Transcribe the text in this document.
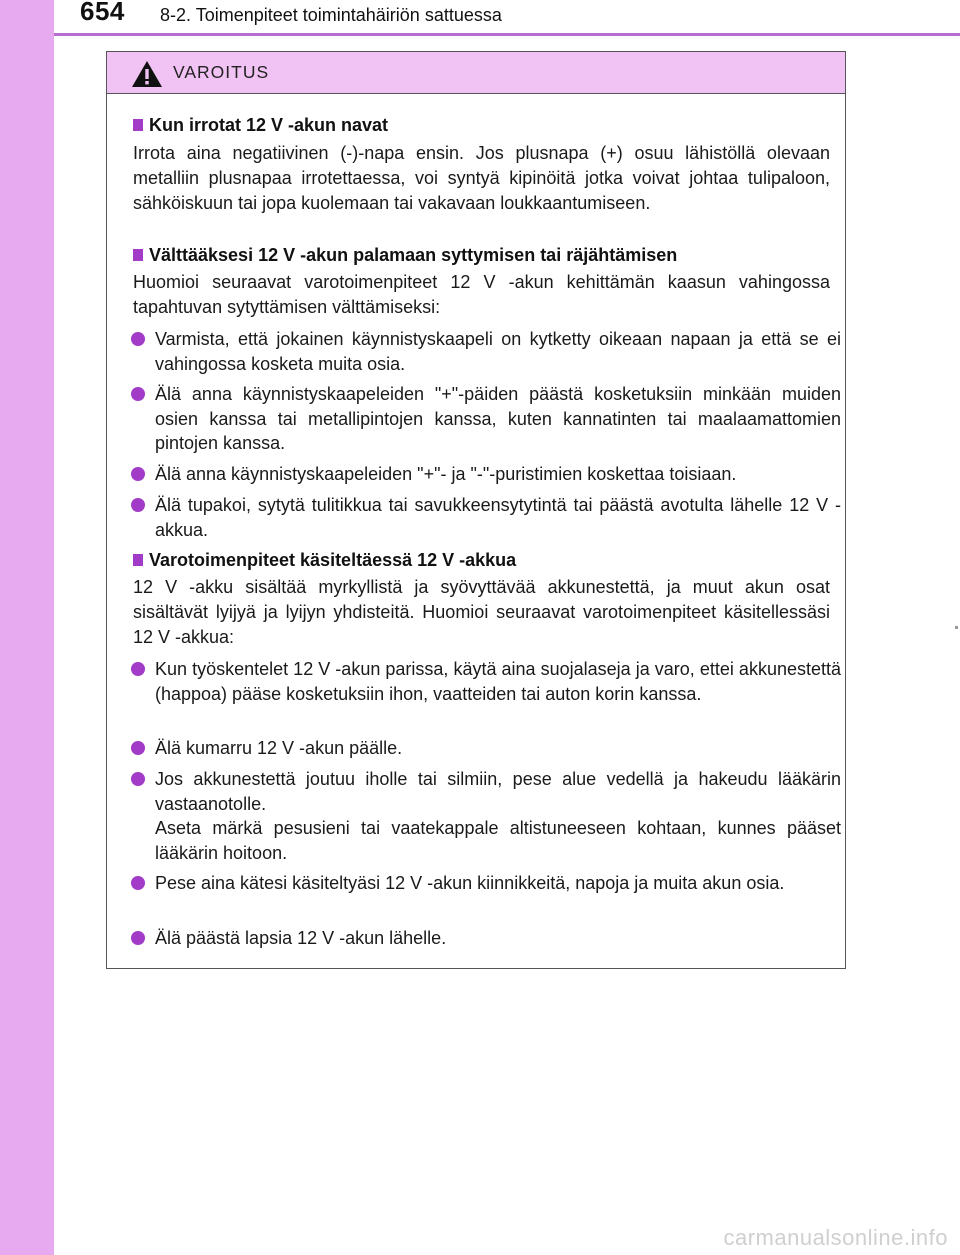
654 8-2. Toimenpiteet toimintahäiriön sattuessa
VAROITUS
Kun irrotat 12 V -akun navat
Irrota aina negatiivinen (-)-napa ensin. Jos plusnapa (+) osuu lähistöllä olevaan metalliin plusnapaa irrotettaessa, voi syntyä kipinöitä jotka voivat johtaa tulipaloon, sähköiskuun tai jopa kuolemaan tai vakavaan loukkaantumiseen.
Välttääksesi 12 V -akun palamaan syttymisen tai räjähtämisen
Huomioi seuraavat varotoimenpiteet 12 V -akun kehittämän kaasun vahingossa tapahtuvan sytyttämisen välttämiseksi:
Varmista, että jokainen käynnistyskaapeli on kytketty oikeaan napaan ja että se ei vahingossa kosketa muita osia.
Älä anna käynnistyskaapeleiden "+"-päiden päästä kosketuksiin minkään muiden osien kanssa tai metallipintojen kanssa, kuten kannatinten tai maalaamattomien pintojen kanssa.
Älä anna käynnistyskaapeleiden "+"- ja "-"-puristimien koskettaa toisiaan.
Älä tupakoi, sytytä tulitikkua tai savukkeensytytintä tai päästä avotulta lähelle 12 V -akkua.
Varotoimenpiteet käsiteltäessä 12 V -akkua
12 V -akku sisältää myrkyllistä ja syövyttävää akkunestettä, ja muut akun osat sisältävät lyijyä ja lyijyn yhdisteitä. Huomioi seuraavat varotoimenpiteet käsitellessäsi 12 V -akkua:
Kun työskentelet 12 V -akun parissa, käytä aina suojalaseja ja varo, ettei akkunestettä (happoa) pääse kosketuksiin ihon, vaatteiden tai auton korin kanssa.
Älä kumarru 12 V -akun päälle.
Jos akkunestettä joutuu iholle tai silmiin, pese alue vedellä ja hakeudu lääkärin vastaanotolle.
Aseta märkä pesusieni tai vaatekappale altistuneeseen kohtaan, kunnes pääset lääkärin hoitoon.
Pese aina kätesi käsiteltyäsi 12 V -akun kiinnikkeitä, napoja ja muita akun osia.
Älä päästä lapsia 12 V -akun lähelle.
carmanualsonline.info
